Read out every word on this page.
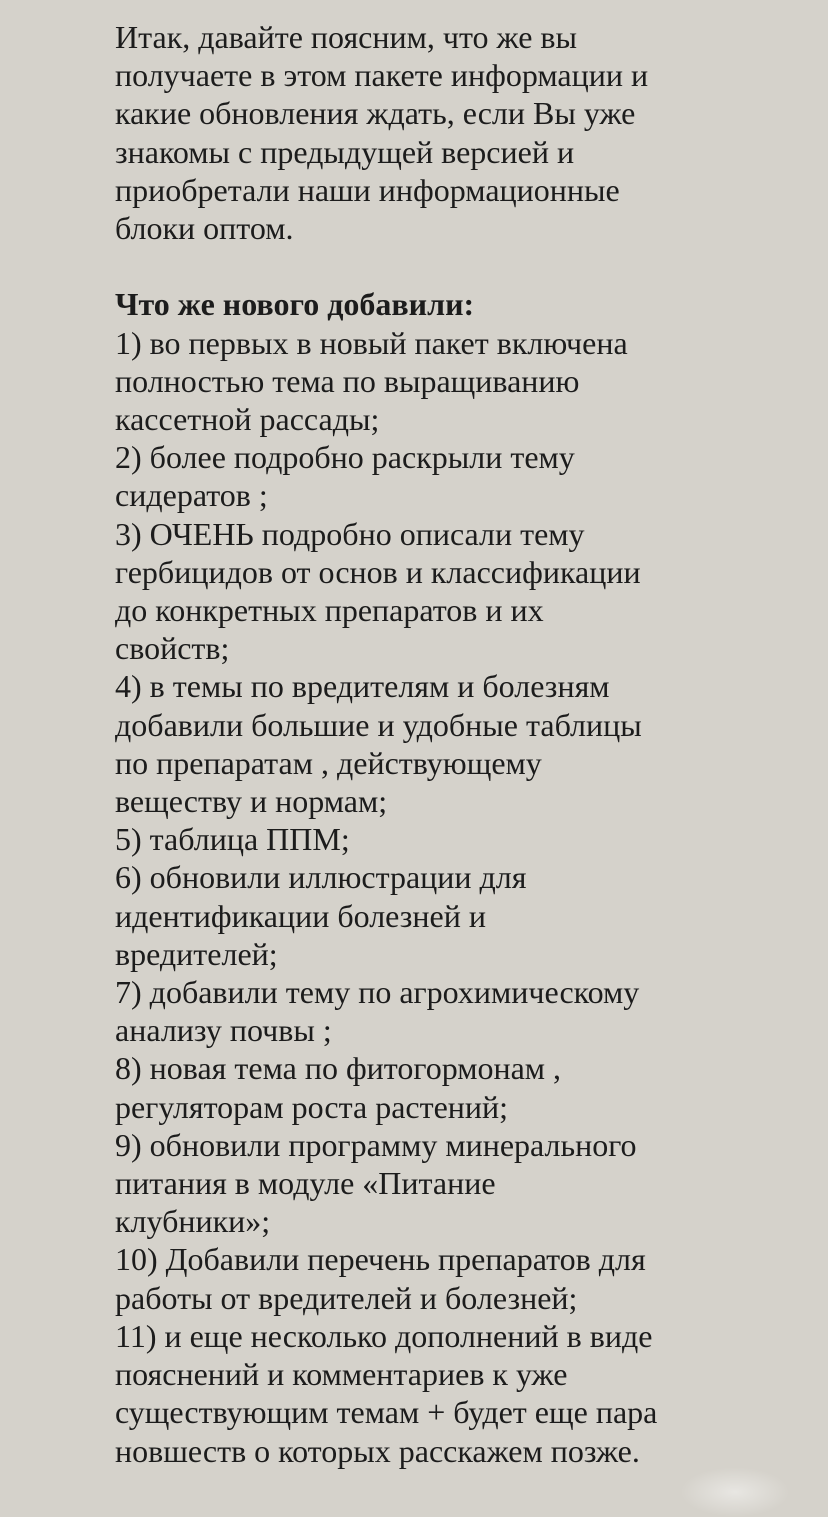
Итак, давайте поясним, что же вы
получаете в этом пакете информации и
какие обновления ждать, если Вы уже
знакомы с предыдущей версией и
приобретали наши информационные
блоки оптом.
Что же нового добавили:
1) во первых в новый пакет включена
полностью тема по выращиванию
кассетной рассады;
2) более подробно раскрыли тему
сидератов ;
3) ОЧЕНЬ подробно описали тему
гербицидов от основ и классификации
до конкретных препаратов и их
свойств;
4) в темы по вредителям и болезням
добавили большие и удобные таблицы
по препаратам , действующему
веществу и нормам;
5) таблица ППМ;
6) обновили иллюстрации для
идентификации болезней и
вредителей;
7) добавили тему по агрохимическому
анализу почвы ;
8) новая тема по фитогормонам ,
регуляторам роста растений;
9) обновили программу минерального
питания в модуле «Питание
клубники»;
10) Добавили перечень препаратов для
работы от вредителей и болезней;
11) и еще несколько дополнений в виде
пояснений и комментариев к уже
существующим темам + будет еще пара
новшеств о которых расскажем позже.
